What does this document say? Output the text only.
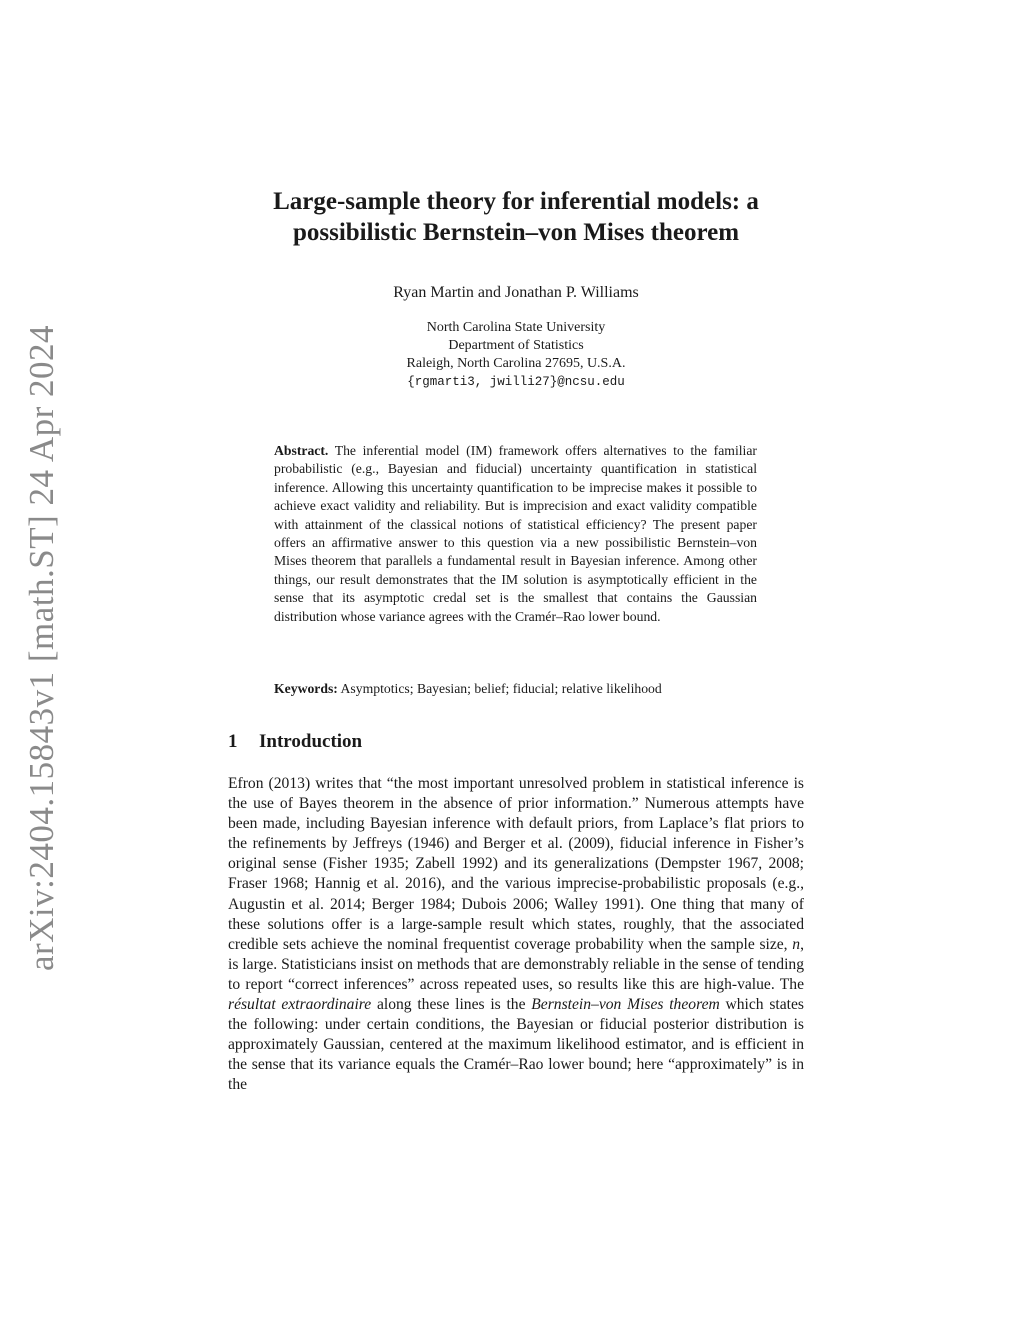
arXiv:2404.15843v1 [math.ST] 24 Apr 2024
Large-sample theory for inferential models: a
possibilistic Bernstein–von Mises theorem
Ryan Martin and Jonathan P. Williams
North Carolina State University
Department of Statistics
Raleigh, North Carolina 27695, U.S.A.
{rgmarti3, jwilli27}@ncsu.edu
Abstract. The inferential model (IM) framework offers alternatives to the familiar probabilistic (e.g., Bayesian and fiducial) uncertainty quantification in statistical inference. Allowing this uncertainty quantification to be imprecise makes it possible to achieve exact validity and reliability. But is imprecision and exact validity compatible with attainment of the classical notions of statistical efficiency? The present paper offers an affirmative answer to this question via a new possibilistic Bernstein–von Mises theorem that parallels a fundamental result in Bayesian inference. Among other things, our result demonstrates that the IM solution is asymptotically efficient in the sense that its asymptotic credal set is the smallest that contains the Gaussian distribution whose variance agrees with the Cramér–Rao lower bound.
Keywords: Asymptotics; Bayesian; belief; fiducial; relative likelihood
1 Introduction
Efron (2013) writes that “the most important unresolved problem in statistical inference is the use of Bayes theorem in the absence of prior information.” Numerous attempts have been made, including Bayesian inference with default priors, from Laplace’s flat priors to the refinements by Jeffreys (1946) and Berger et al. (2009), fiducial inference in Fisher’s original sense (Fisher 1935; Zabell 1992) and its generalizations (Dempster 1967, 2008; Fraser 1968; Hannig et al. 2016), and the various imprecise-probabilistic proposals (e.g., Augustin et al. 2014; Berger 1984; Dubois 2006; Walley 1991). One thing that many of these solutions offer is a large-sample result which states, roughly, that the associated credible sets achieve the nominal frequentist coverage probability when the sample size, n, is large. Statisticians insist on methods that are demonstrably reliable in the sense of tending to report “correct inferences” across repeated uses, so results like this are high-value. The résultat extraordinaire along these lines is the Bernstein–von Mises theorem which states the following: under certain conditions, the Bayesian or fiducial posterior distribution is approximately Gaussian, centered at the maximum likelihood estimator, and is efficient in the sense that its variance equals the Cramér–Rao lower bound; here “approximately” is in the
